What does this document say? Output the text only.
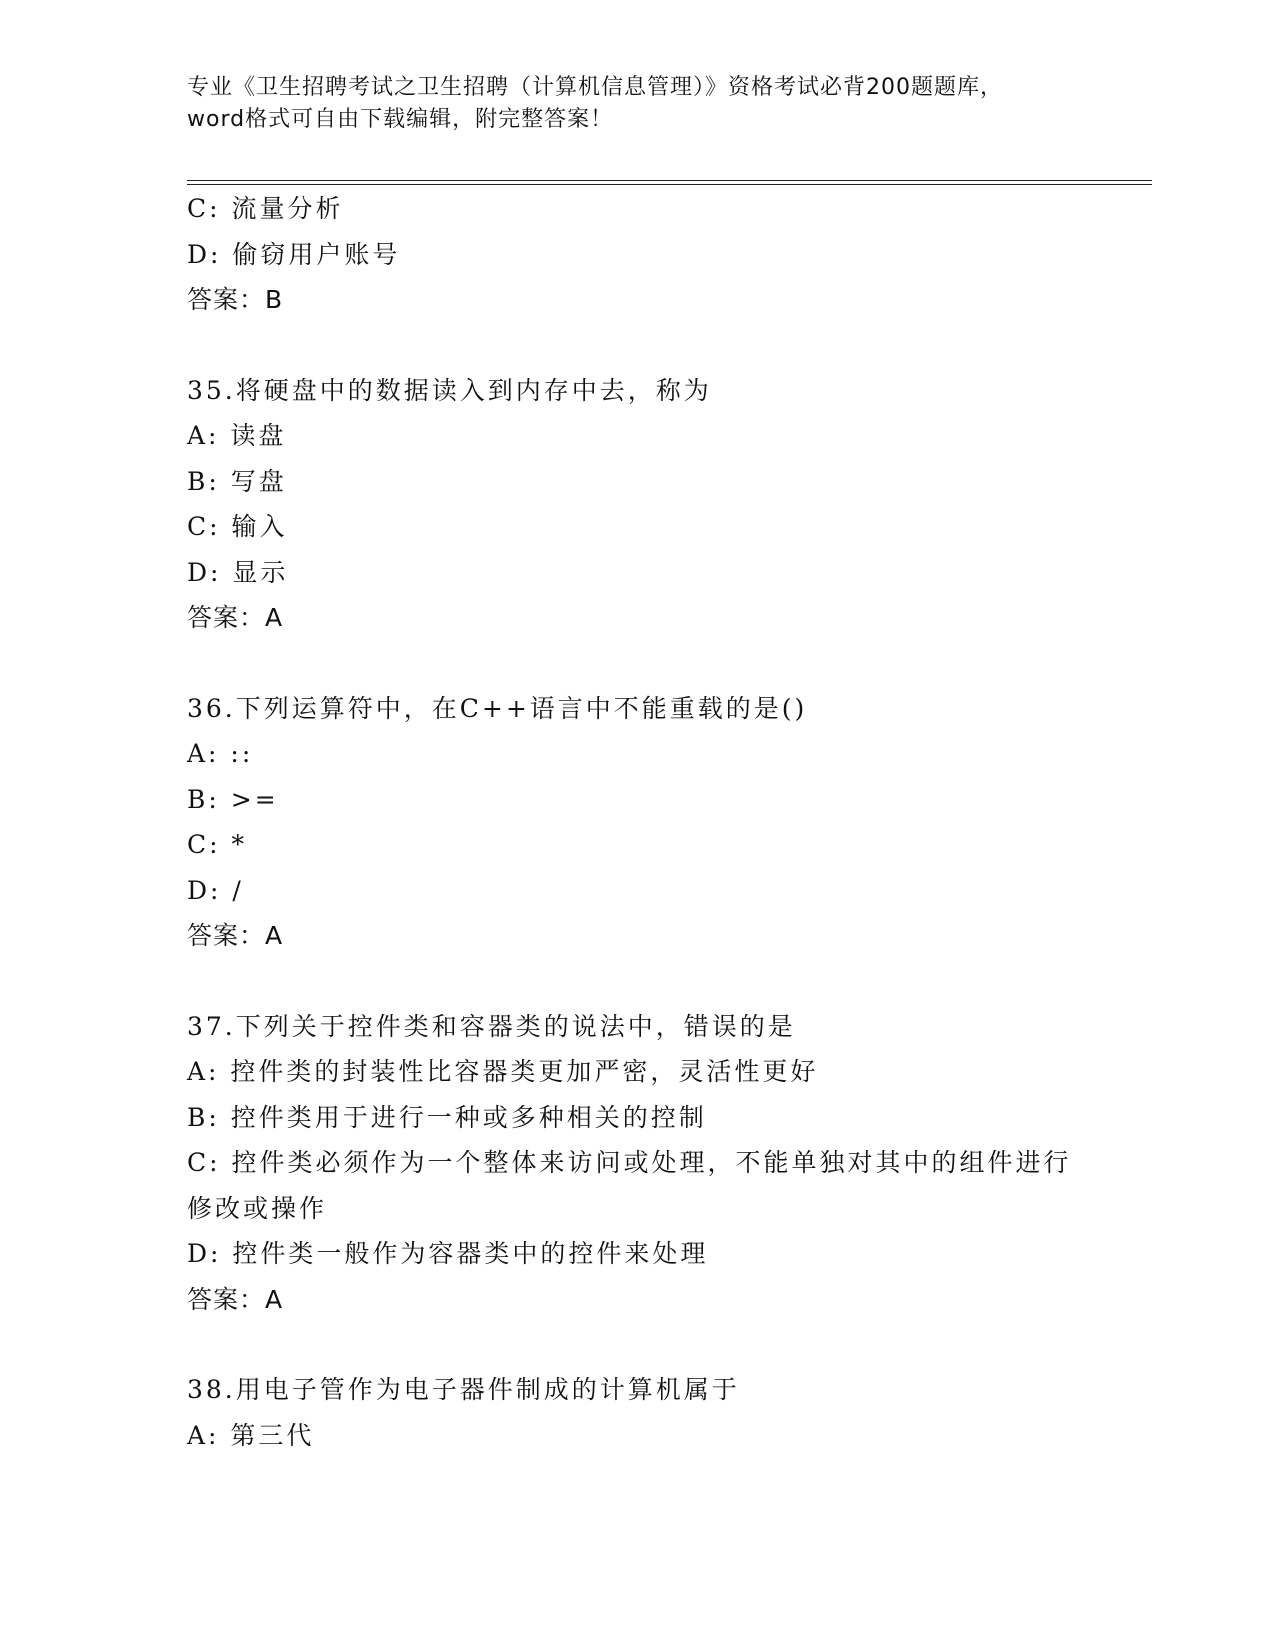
专业《卫生招聘考试之卫生招聘（计算机信息管理）》资格考试必背200题题库，
word格式可自由下载编辑，附完整答案！
C: 流量分析
D: 偷窃用户账号
答案：B
35.将硬盘中的数据读入到内存中去，称为
A: 读盘
B: 写盘
C: 输入
D: 显示
答案：A
36.下列运算符中，在C++语言中不能重载的是()
A: ::
B: >=
C: *
D: /
答案：A
37.下列关于控件类和容器类的说法中，错误的是
A: 控件类的封装性比容器类更加严密，灵活性更好
B: 控件类用于进行一种或多种相关的控制
C: 控件类必须作为一个整体来访问或处理，不能单独对其中的组件进行修改或操作
D: 控件类一般作为容器类中的控件来处理
答案：A
38.用电子管作为电子器件制成的计算机属于
A: 第三代
